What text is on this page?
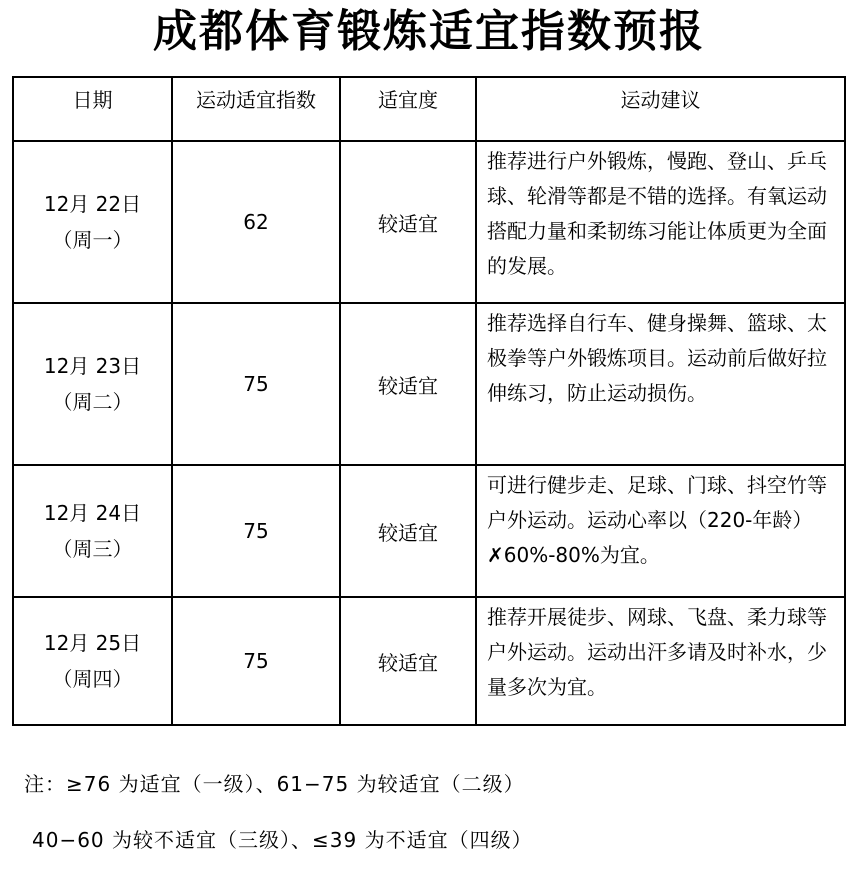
成都体育锻炼适宜指数预报
日期	运动适宜指数	适宜度	运动建议

12月 22日
（周一）	62	较适宜	推荐进行户外锻炼，慢跑、登山、乒乓球、轮滑等都是不错的选择。有氧运动搭配力量和柔韧练习能让体质更为全面的发展。

12月 23日
（周二）	75	较适宜	推荐选择自行车、健身操舞、篮球、太极拳等户外锻炼项目。运动前后做好拉伸练习，防止运动损伤。

12月 24日
（周三）	75	较适宜	可进行健步走、足球、门球、抖空竹等户外运动。运动心率以（220-年龄）✗60%-80%为宜。

12月 25日
（周四）	75	较适宜	推荐开展徒步、网球、飞盘、柔力球等户外运动。运动出汗多请及时补水，少量多次为宜。
注：≥76 为适宜（一级）、61−75 为较适宜（二级）
40−60 为较不适宜（三级）、≤39 为不适宜（四级）
